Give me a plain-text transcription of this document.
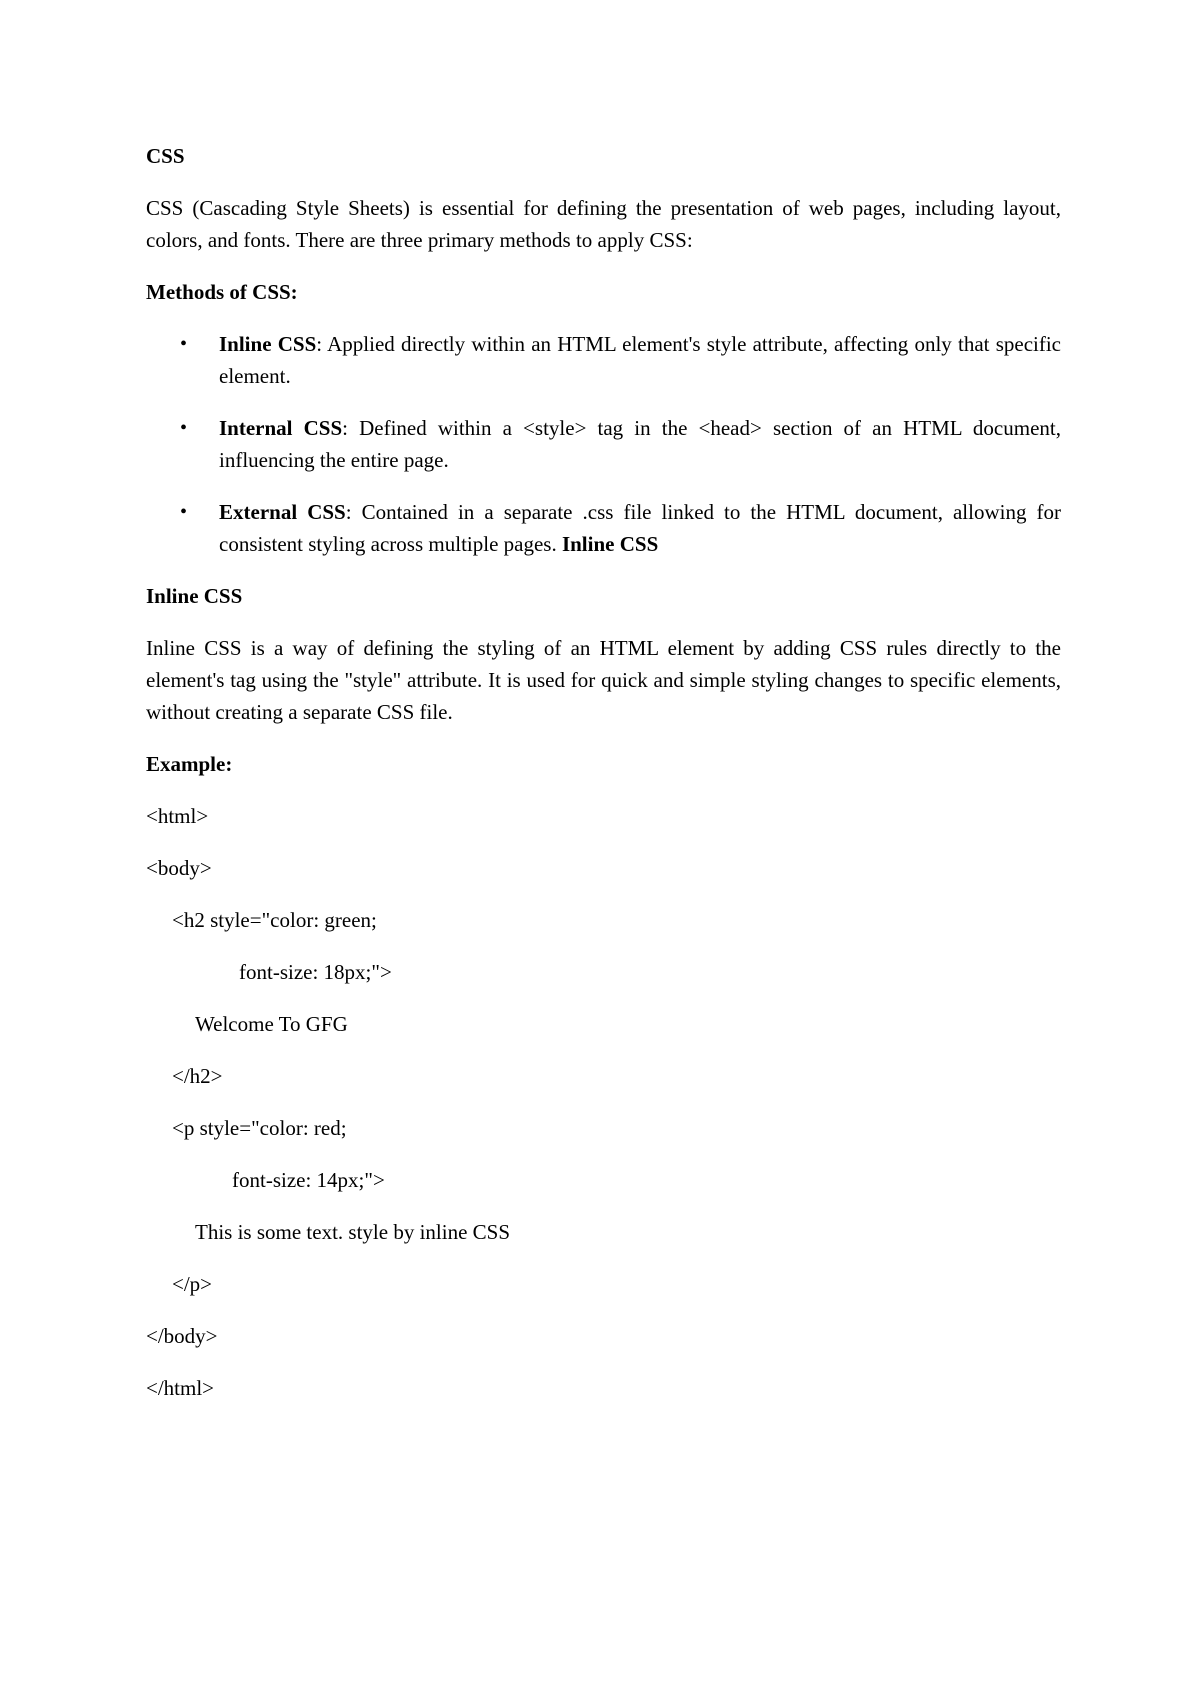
CSS
CSS (Cascading Style Sheets) is essential for defining the presentation of web pages, including layout, colors, and fonts. There are three primary methods to apply CSS:
Methods of CSS:
• Inline CSS: Applied directly within an HTML element's style attribute, affecting only that specific element.
• Internal CSS: Defined within a <style> tag in the <head> section of an HTML document, influencing the entire page.
• External CSS: Contained in a separate .css file linked to the HTML document, allowing for consistent styling across multiple pages. Inline CSS
Inline CSS
Inline CSS is a way of defining the styling of an HTML element by adding CSS rules directly to the element's tag using the "style" attribute. It is used for quick and simple styling changes to specific elements, without creating a separate CSS file.
Example:
<html>
<body>
<h2 style="color: green;
font-size: 18px;">
Welcome To GFG
</h2>
<p style="color: red;
font-size: 14px;">
This is some text. style by inline CSS
</p>
</body>
</html>
